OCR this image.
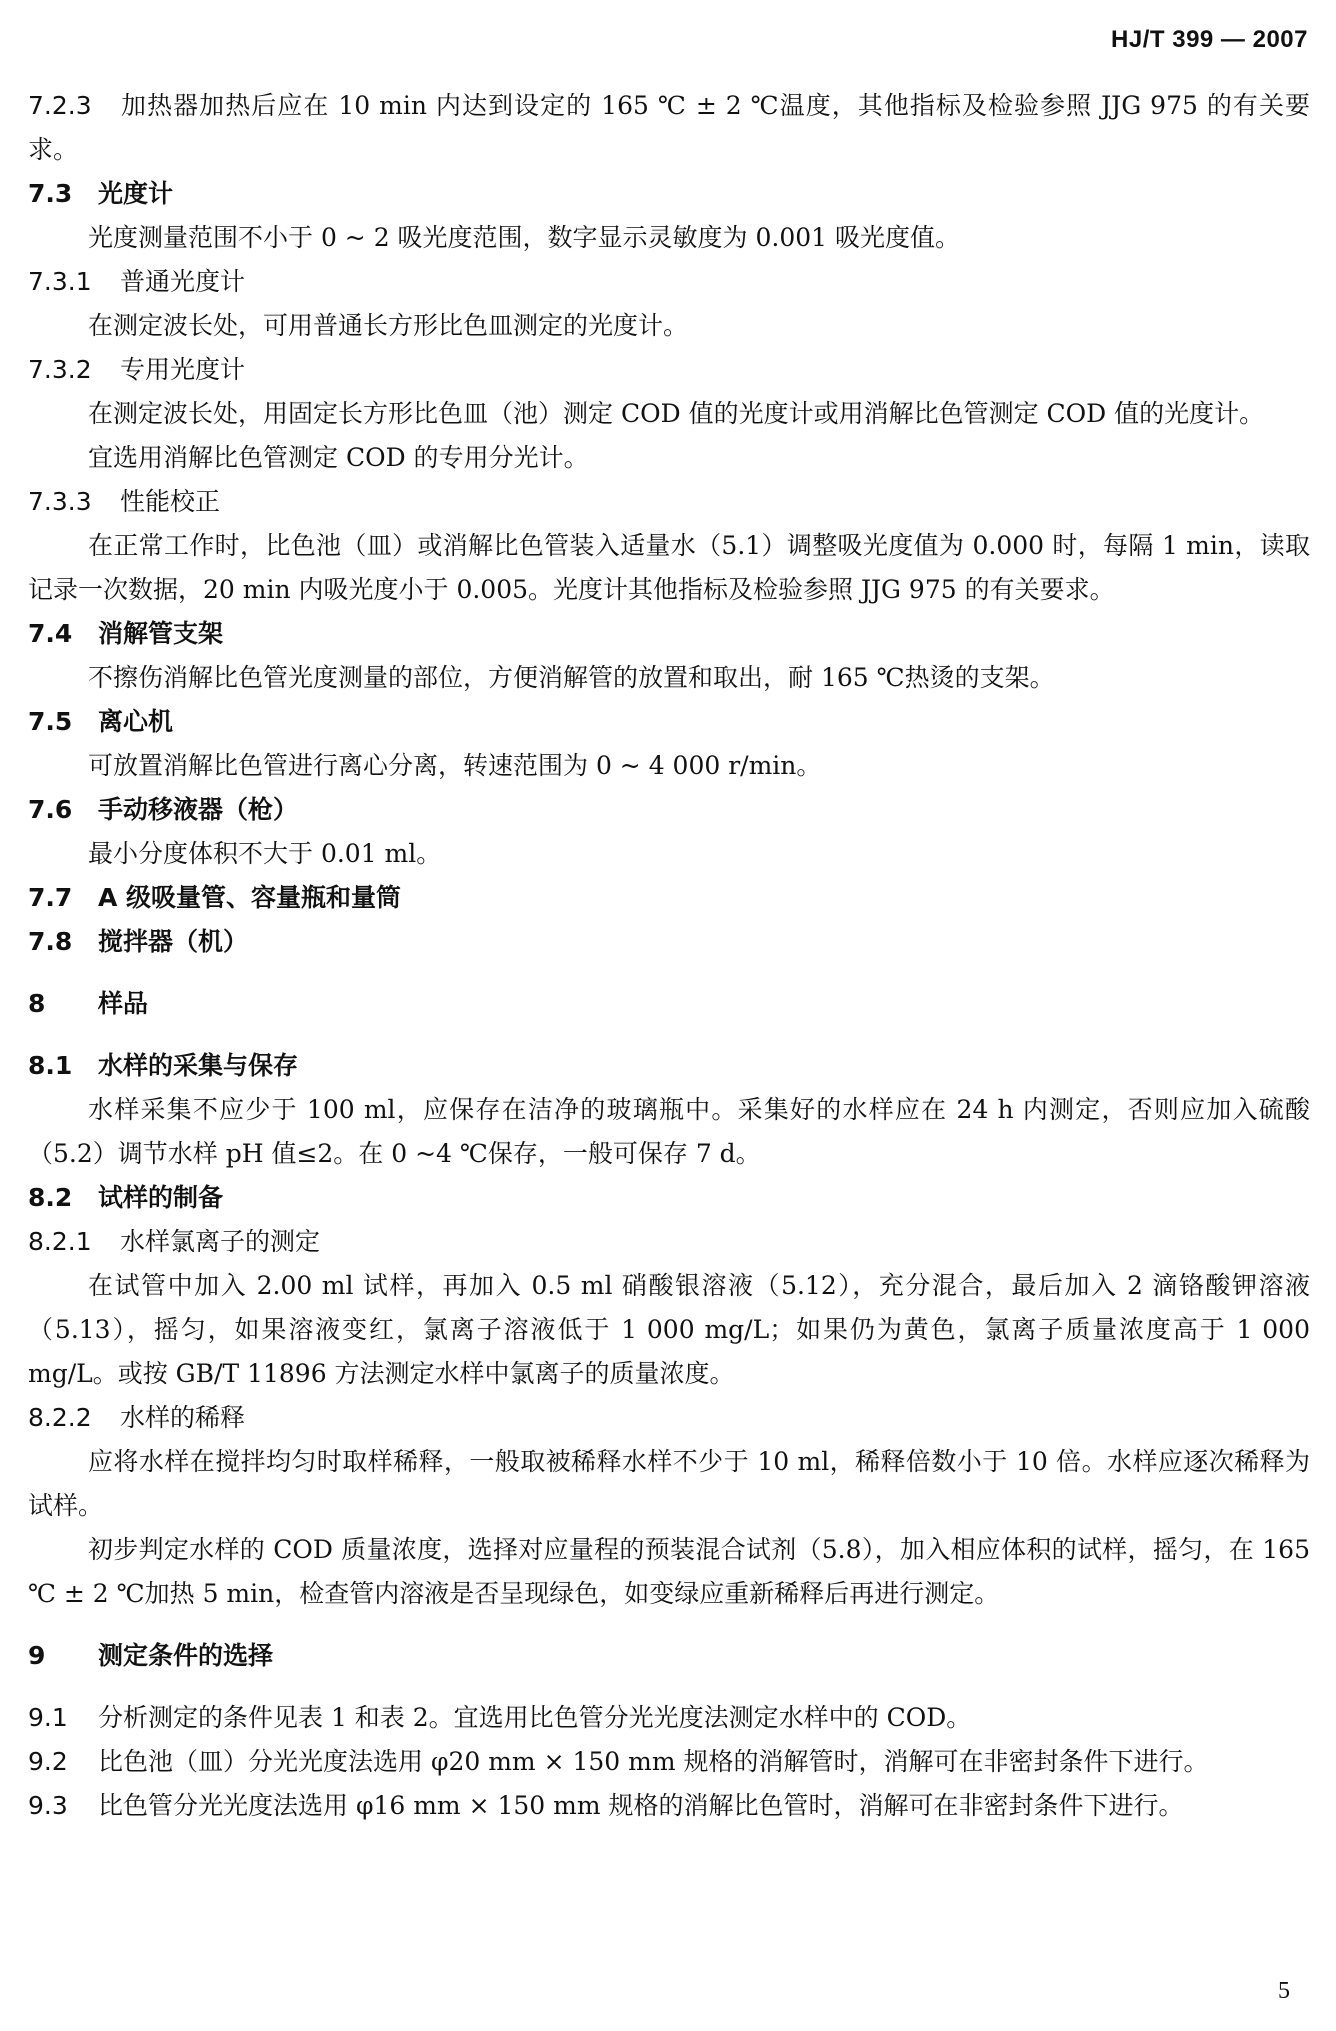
HJ/T 399 — 2007
7.2.3 加热器加热后应在 10 min 内达到设定的 165 ℃ ± 2 ℃温度，其他指标及检验参照 JJG 975 的有关要求。
7.3 光度计
光度测量范围不小于 0 ~ 2 吸光度范围，数字显示灵敏度为 0.001 吸光度值。
7.3.1 普通光度计
在测定波长处，可用普通长方形比色皿测定的光度计。
7.3.2 专用光度计
在测定波长处，用固定长方形比色皿（池）测定 COD 值的光度计或用消解比色管测定 COD 值的光度计。
宜选用消解比色管测定 COD 的专用分光计。
7.3.3 性能校正
在正常工作时，比色池（皿）或消解比色管装入适量水（5.1）调整吸光度值为 0.000 时，每隔 1 min，读取记录一次数据，20 min 内吸光度小于 0.005。光度计其他指标及检验参照 JJG 975 的有关要求。
7.4 消解管支架
不擦伤消解比色管光度测量的部位，方便消解管的放置和取出，耐 165 ℃热烫的支架。
7.5 离心机
可放置消解比色管进行离心分离，转速范围为 0 ~ 4 000 r/min。
7.6 手动移液器（枪）
最小分度体积不大于 0.01 ml。
7.7 A 级吸量管、容量瓶和量筒
7.8 搅拌器（机）
8 样品
8.1 水样的采集与保存
水样采集不应少于 100 ml，应保存在洁净的玻璃瓶中。采集好的水样应在 24 h 内测定，否则应加入硫酸（5.2）调节水样 pH 值≤2。在 0 ~4 ℃保存，一般可保存 7 d。
8.2 试样的制备
8.2.1 水样氯离子的测定
在试管中加入 2.00 ml 试样，再加入 0.5 ml 硝酸银溶液（5.12），充分混合，最后加入 2 滴铬酸钾溶液（5.13），摇匀，如果溶液变红，氯离子溶液低于 1 000 mg/L；如果仍为黄色，氯离子质量浓度高于 1 000 mg/L。或按 GB/T 11896 方法测定水样中氯离子的质量浓度。
8.2.2 水样的稀释
应将水样在搅拌均匀时取样稀释，一般取被稀释水样不少于 10 ml，稀释倍数小于 10 倍。水样应逐次稀释为试样。
初步判定水样的 COD 质量浓度，选择对应量程的预装混合试剂（5.8），加入相应体积的试样，摇匀，在 165 ℃ ± 2 ℃加热 5 min，检查管内溶液是否呈现绿色，如变绿应重新稀释后再进行测定。
9 测定条件的选择
9.1 分析测定的条件见表 1 和表 2。宜选用比色管分光光度法测定水样中的 COD。
9.2 比色池（皿）分光光度法选用 φ20 mm × 150 mm 规格的消解管时，消解可在非密封条件下进行。
9.3 比色管分光光度法选用 φ16 mm × 150 mm 规格的消解比色管时，消解可在非密封条件下进行。
5
